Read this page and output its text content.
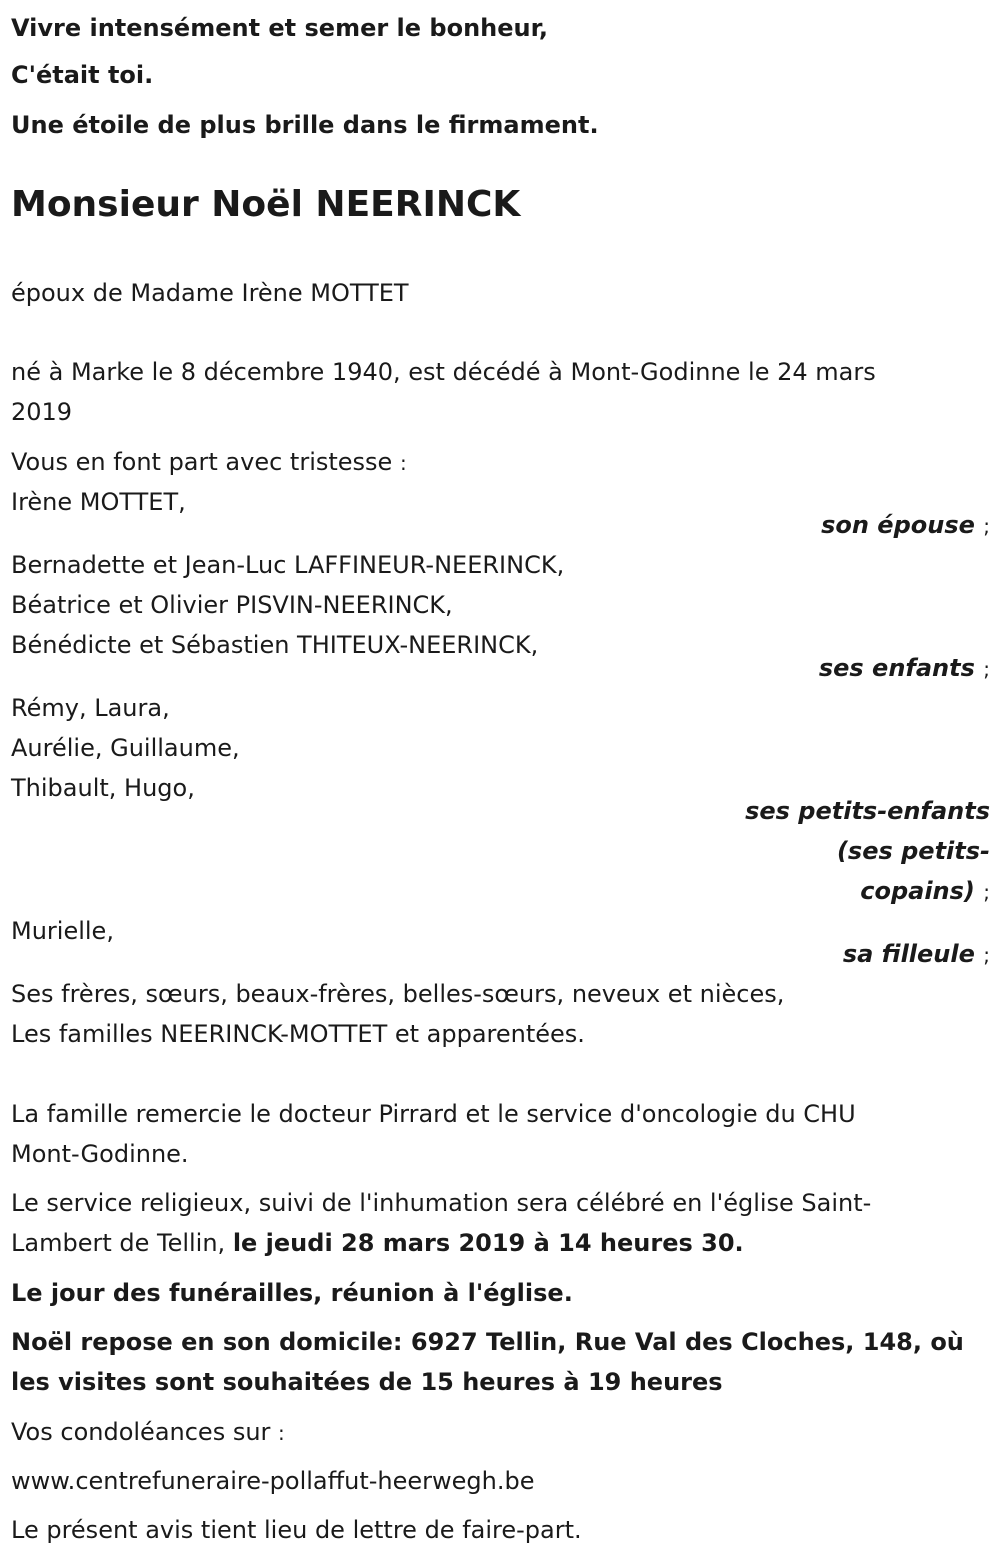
Vivre intensément et semer le bonheur,
C'était toi.
Une étoile de plus brille dans le firmament.
Monsieur Noël NEERINCK
époux de Madame Irène MOTTET
né à Marke le 8 décembre 1940, est décédé à Mont-Godinne le 24 mars
2019
Vous en font part avec tristesse :
Irène MOTTET,
son épouse ;
Bernadette et Jean-Luc LAFFINEUR-NEERINCK,
Béatrice et Olivier PISVIN-NEERINCK,
Bénédicte et Sébastien THITEUX-NEERINCK,
ses enfants ;
Rémy, Laura,
Aurélie, Guillaume,
Thibault, Hugo,
ses petits-enfants
(ses petits-
copains) ;
Murielle,
sa filleule ;
Ses frères, sœurs, beaux-frères, belles-sœurs, neveux et nièces,
Les familles NEERINCK-MOTTET et apparentées.
La famille remercie le docteur Pirrard et le service d'oncologie du CHU
Mont-Godinne.
Le service religieux, suivi de l'inhumation sera célébré en l'église Saint-
Lambert de Tellin, le jeudi 28 mars 2019 à 14 heures 30.
Le jour des funérailles, réunion à l'église.
Noël repose en son domicile: 6927 Tellin, Rue Val des Cloches, 148, où
les visites sont souhaitées de 15 heures à 19 heures
Vos condoléances sur :
www.centrefuneraire-pollaffut-heerwegh.be
Le présent avis tient lieu de lettre de faire-part.
